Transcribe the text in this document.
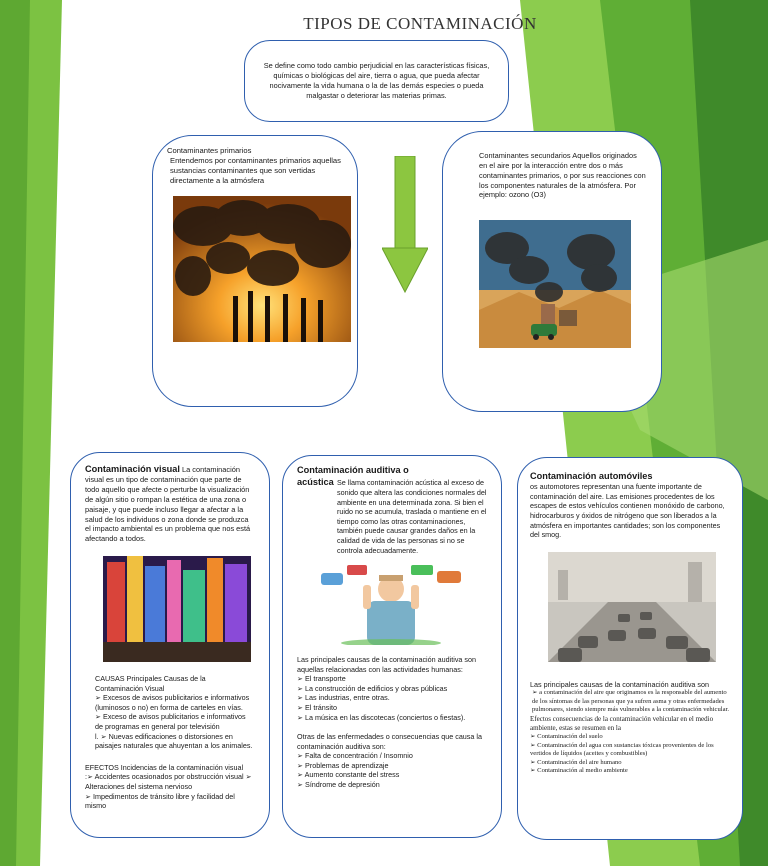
TIPOS DE CONTAMINACIÓN
Se define como todo cambio perjudicial en las características físicas, químicas o biológicas del aire, tierra o agua, que pueda afectar nocivamente la vida humana o la de las demás especies o pueda malgastar o deteriorar las materias primas.
Contaminantes primarios
Entendemos por contaminantes primarios aquellas sustancias contaminantes que son vertidas directamente a la atmósfera
Contaminantes secundarios Aquellos originados en el aire por la interacción entre dos o más contaminantes primarios, o por sus reacciones con los componentes naturales de la atmósfera. Por ejemplo: ozono (O3)
Contaminación visual La contaminación visual es un tipo de contaminación que parte de todo aquello que afecte o perturbe la visualización de algún sitio o rompan la estética de una zona o paisaje, y que puede incluso llegar a afectar a la salud de los individuos o zona donde se produzca el impacto ambiental es un problema que nos está afectando a todos.
CAUSAS Principales Causas de la Contaminación Visual
➢ Excesos de avisos publicitarios e informativos (luminosos o no) en forma de carteles en vías.
➢ Exceso de avisos publicitarios e informativos de programas en general por televisión
l. ➢ Nuevas edificaciones o distorsiones en paisajes naturales que ahuyentan a los animales.
EFECTOS Incidencias de la contaminación visual
:➢ Accidentes ocasionados por obstrucción visual ➢ Alteraciones del sistema nervioso
➢ Impedimentos de tránsito libre y facilidad del mismo
Contaminación auditiva o acústica Se llama contaminación acústica al exceso de sonido que altera las condiciones normales del ambiente en una determinada zona. Si bien el ruido no se acumula, traslada o mantiene en el tiempo como las otras contaminaciones, también puede causar grandes daños en la calidad de vida de las personas si no se controla adecuadamente.
Las principales causas de la contaminación auditiva son aquellas relacionadas con las actividades humanas:
➢ El transporte
➢ La construcción de edificios y obras públicas
➢ Las industrias, entre otras.
➢ El tránsito
➢ La música en las discotecas (conciertos o fiestas).
Otras de las enfermedades o consecuencias que causa la contaminación auditiva son:
➢ Falta de concentración / Insomnio
➢ Problemas de aprendizaje
➢ Aumento constante del stress
➢ Síndrome de depresión
Contaminación automóviles
os automotores representan una fuente importante de contaminación del aire. Las emisiones procedentes de los escapes de estos vehículos contienen monóxido de carbono, hidrocarburos y óxidos de nitrógeno que son liberados a la atmósfera en importantes cantidades; son los componentes del smog.
Las principales causas de la contaminación auditiva son
➢ a contaminación del aire que originamos es la responsable del aumento de los síntomas de las personas que ya sufren asma y otras enfermedades pulmonares, siendo siempre más vulnerables a la contaminación vehicular.
Efectos consecuencias de la contaminación vehicular en el medio ambiente, estas se resumen en la
➢ Contaminación del suelo
➢ Contaminación del agua con sustancias tóxicas provenientes de los vertidos de líquidos (aceites y combustibles)
➢ Contaminación del aire humano
➢ Contaminación al medio ambiente
